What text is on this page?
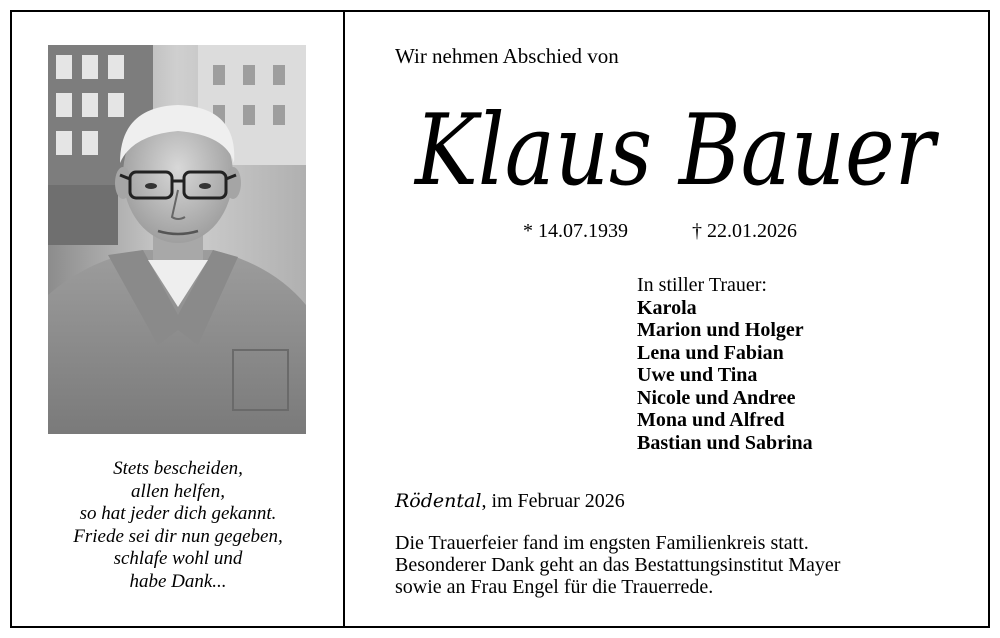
Stets bescheiden,
allen helfen,
so hat jeder dich gekannt.
Friede sei dir nun gegeben,
schlafe wohl und
habe Dank...
Wir nehmen Abschied von
Klaus Bauer
* 14.07.1939	† 22.01.2026
In stiller Trauer:
Karola
Marion und Holger
Lena und Fabian
Uwe und Tina
Nicole und Andree
Mona und Alfred
Bastian und Sabrina
Rödental, im Februar 2026
Die Trauerfeier fand im engsten Familienkreis statt.
Besonderer Dank geht an das Bestattungsinstitut Mayer
sowie an Frau Engel für die Trauerrede.
